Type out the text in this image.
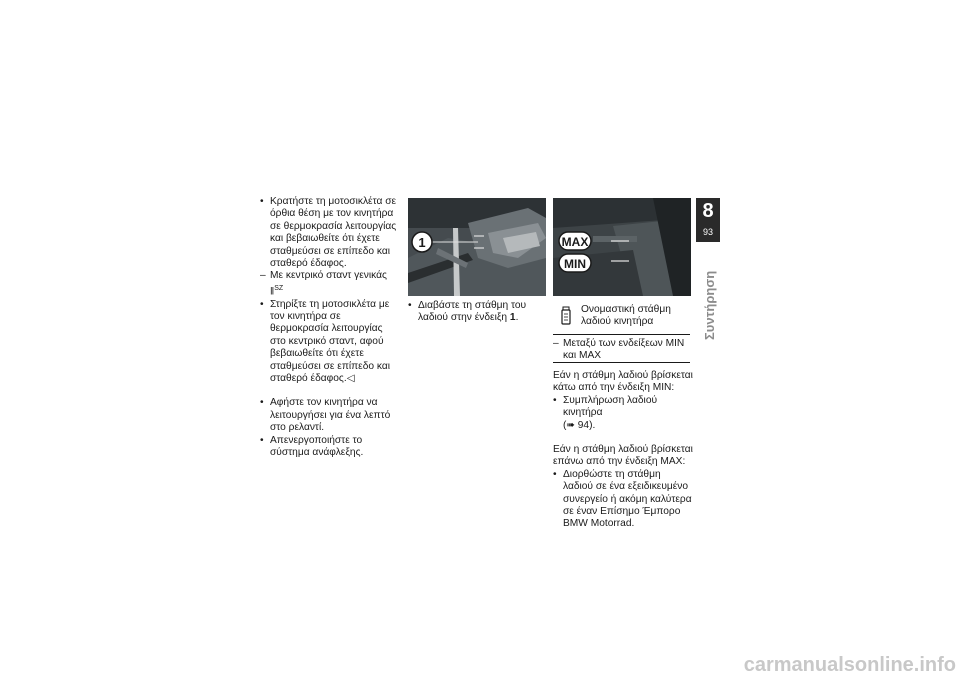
• Κρατήστε τη μοτοσικλέτα σε όρθια θέση με τον κινητήρα σε θερμοκρασία λειτουργίας και βεβαιωθείτε ότι έχετε σταθμεύσει σε επίπεδο και σταθερό έδαφος.
– Με κεντρικό σταντ γενικάς $ǁ^{SZ}$
• Στηρίξτε τη μοτοσικλέτα με τον κινητήρα σε θερμοκρασία λειτουργίας στο κεντρικό σταντ, αφού βεβαιωθείτε ότι έχετε σταθμεύσει σε επίπεδο και σταθερό έδαφος.◁
• Αφήστε τον κινητήρα να λειτουργήσει για ένα λεπτό στο ρελαντί.
• Απενεργοποιήστε το σύστημα ανάφλεξης.
1
• Διαβάστε τη στάθμη του λαδιού στην ένδειξη 1.
MAX
MIN
Ονομαστική στάθμη λαδιού κινητήρα
– Μεταξύ των ενδείξεων MIN και MAX

Εάν η στάθμη λαδιού βρίσκεται κάτω από την ένδειξη MIN:

• Συμπλήρωση λαδιού κινητήρα
(➠ 94).

Εάν η στάθμη λαδιού βρίσκεται επάνω από την ένδειξη MAX:

• Διορθώστε τη στάθμη λαδιού σε ένα εξειδικευμένο συνεργείο ή ακόμη καλύτερα σε έναν Επίσημο Έμπορο BMW Motorrad.
8
93
Συντήρηση
carmanualsonline.info
